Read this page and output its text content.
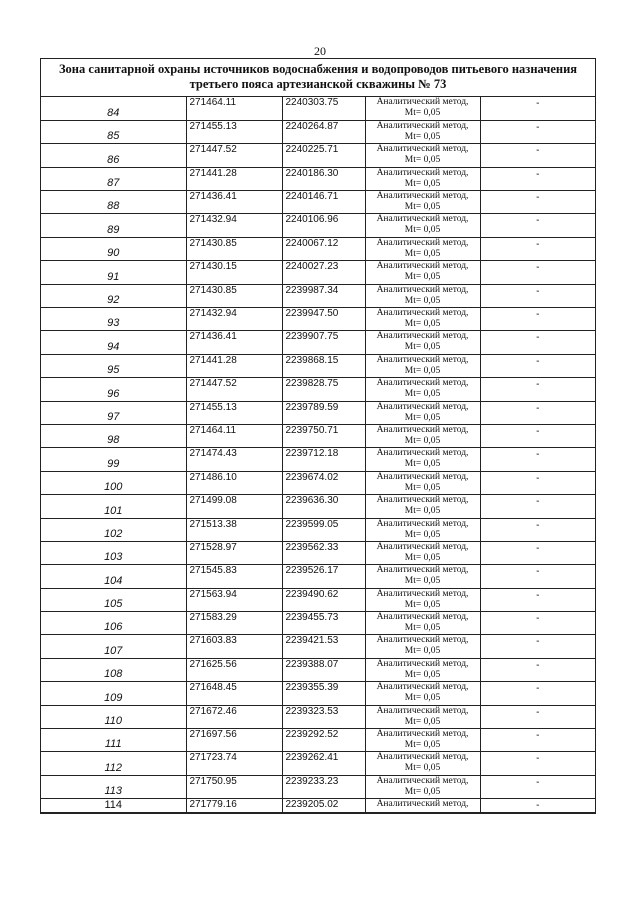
20
Зона санитарной охраны источников водоснабжения и водопроводов питьевого назначения
третьего пояса артезианской скважины № 73
84	271464.11	2240303.75	Аналитический метод,
Mt= 0,05	-
85	271455.13	2240264.87	Аналитический метод,
Mt= 0,05	-
86	271447.52	2240225.71	Аналитический метод,
Mt= 0,05	-
87	271441.28	2240186.30	Аналитический метод,
Mt= 0,05	-
88	271436.41	2240146.71	Аналитический метод,
Mt= 0,05	-
89	271432.94	2240106.96	Аналитический метод,
Mt= 0,05	-
90	271430.85	2240067.12	Аналитический метод,
Mt= 0,05	-
91	271430.15	2240027.23	Аналитический метод,
Mt= 0,05	-
92	271430.85	2239987.34	Аналитический метод,
Mt= 0,05	-
93	271432.94	2239947.50	Аналитический метод,
Mt= 0,05	-
94	271436.41	2239907.75	Аналитический метод,
Mt= 0,05	-
95	271441.28	2239868.15	Аналитический метод,
Mt= 0,05	-
96	271447.52	2239828.75	Аналитический метод,
Mt= 0,05	-
97	271455.13	2239789.59	Аналитический метод,
Mt= 0,05	-
98	271464.11	2239750.71	Аналитический метод,
Mt= 0,05	-
99	271474.43	2239712.18	Аналитический метод,
Mt= 0,05	-
100	271486.10	2239674.02	Аналитический метод,
Mt= 0,05	-
101	271499.08	2239636.30	Аналитический метод,
Mt= 0,05	-
102	271513.38	2239599.05	Аналитический метод,
Mt= 0,05	-
103	271528.97	2239562.33	Аналитический метод,
Mt= 0,05	-
104	271545.83	2239526.17	Аналитический метод,
Mt= 0,05	-
105	271563.94	2239490.62	Аналитический метод,
Mt= 0,05	-
106	271583.29	2239455.73	Аналитический метод,
Mt= 0,05	-
107	271603.83	2239421.53	Аналитический метод,
Mt= 0,05	-
108	271625.56	2239388.07	Аналитический метод,
Mt= 0,05	-
109	271648.45	2239355.39	Аналитический метод,
Mt= 0,05	-
110	271672.46	2239323.53	Аналитический метод,
Mt= 0,05	-
111	271697.56	2239292.52	Аналитический метод,
Mt= 0,05	-
112	271723.74	2239262.41	Аналитический метод,
Mt= 0,05	-
113	271750.95	2239233.23	Аналитический метод,
Mt= 0,05	-
114	271779.16	2239205.02	Аналитический метод,	-
